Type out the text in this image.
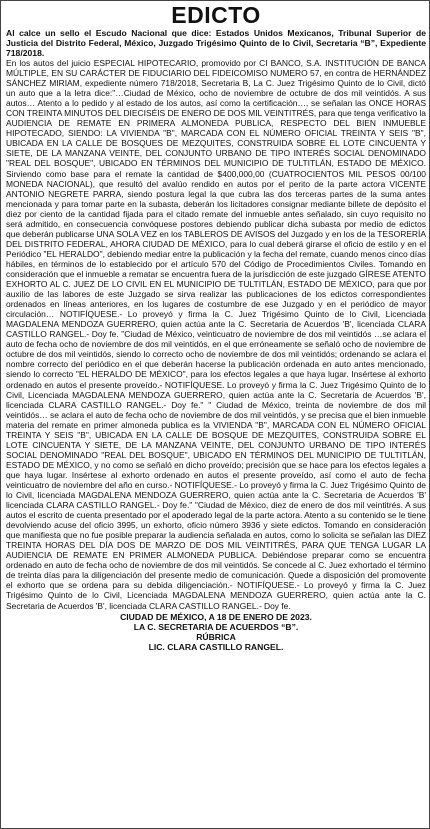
EDICTO

Al calce un sello el Escudo Nacional que dice: Estados Unidos Mexicanos, Tribunal Superior de Justicia del Distrito Federal, México, Juzgado Trigésimo Quinto de lo Civil, Secretaria “B”, Expediente 718/2018.

En los autos del juicio ESPECIAL HIPOTECARIO, promovido por CI BANCO, S.A. INSTITUCIÓN DE BANCA MÚLTIPLE, EN SU CARÁCTER DE FIDUCIARIO DEL FIDEICOMISO NUMERO 57, en contra de HERNÁNDEZ SÁNCHEZ MIRIAM, expediente número 718/2018, Secretaria B, La C. Juez Trigésimo Quinto de lo Civil, dictó un auto que a la letra dice:"…Ciudad de México, ocho de noviembre de octubre de dos mil veintidós. A sus autos… Atento a lo pedido y al estado de los autos, así como la certificación…, se señalan las ONCE HORAS CON TREINTA MINUTOS DEL DIECISÉIS DE ENERO DE DOS MIL VEINTITRÉS, para que tenga verificativo la AUDIENCIA DE REMATE EN PRIMERA ALMONEDA PUBLICA, RESPECTO DEL BIEN INMUEBLE HIPOTECADO, SIENDO: LA VIVIENDA "B", MARCADA CON EL NÚMERO OFICIAL TREINTA Y SEIS "B", UBICADA EN LA CALLE DE BOSQUES DE MEZQUITES, CONSTRUIDA SOBRE EL LOTE CINCUENTA Y SIETE, DE LA MANZANA VEINTE, DEL CONJUNTO URBANO DE TIPO INTERÉS SOCIAL DENOMINADO "REAL DEL BOSQUE", UBICADO EN TÉRMINOS DEL MUNICIPIO DE TULTITLÁN, ESTADO DE MÉXICO. Sirviendo como base para el remate la cantidad de $400,000,00 (CUATROCIENTOS MIL PESOS 00/100 MONEDA NACIONAL), que resultó del avalúo rendido en autos por el perito de la parte actora VICENTE ANTONIO NEGRETE PARRA, siendo postura legal la que cubra las dos terceras partes de la suma antes mencionada y para tomar parte en la subasta, deberán los licitadores consignar mediante billete de depósito el diez por ciento de la cantidad fijada para el citado remate del inmueble antes señalado, sin cuyo requisito no será admitido, en consecuencia convóquese postores debiendo publicar dicha subasta por medio de edictos que deberán publicarse UNA SOLA VEZ en los TABLEROS DE AVISOS del Juzgado y en los de la TESORERÍA DEL DISTRITO FEDERAL, AHORA CIUDAD DE MÉXICO, para lo cual deberá girarse el oficio de estilo y en el Periódico "EL HERALDO", debiendo mediar entre la publicación y la fecha del remate, cuando menos cinco días hábiles, en términos de lo establecido por el artículo 570 del Código de Procedimientos Civiles. Tomando en consideración que el inmueble a rematar se encuentra fuera de la jurisdicción de este juzgado GÍRESE ATENTO EXHORTO AL C. JUEZ DE LO CIVIL EN EL MUNICIPIO DE TULTITLÁN, ESTADO DE MÉXICO, para que por auxilio de las labores de este Juzgado se sirva realizar las publicaciones de los edictos correspondientes ordenados en líneas anteriores, en los lugares de costumbre de ese Juzgado y en el periódico de mayor circulación… NOTIFÍQUESE.- Lo proveyó y firma la C. Juez Trigésimo Quinto de lo Civil, Licenciada MAGDALENA MENDOZA GUERRERO, quien actúa ante la C. Secretaria de Acuerdos 'B', licenciada CLARA CASTILLO RANGEL.- Doy fe. "Ciudad de México, veinticuatro de noviembre de dos mil veintidós …se aclara el auto de fecha ocho de noviembre de dos mil veintidós, en el que erróneamente se señaló ocho de noviembre de octubre de dos mil veintidós, siendo lo correcto ocho de noviembre de dos mil veintidós; ordenando se aclara el nombre correcto del periódico en el que deberán hacerse la publicación ordenada en auto antes mencionado, siendo lo correcto "EL HERALDO DE MÉXICO", para los efectos legales a que haya lugar. Insértese al exhorto ordenado en autos el presente proveído.- NOTIFÍQUESE. Lo proveyó y firma la C. Juez Trigésimo Quinto de lo Civil, Licenciada MAGDALENA MENDOZA GUERRERO, quien actúa ante la C. Secretaria de Acuerdos 'B', licenciada CLARA CASTILLO RANGEL.- Doy fe." " Ciudad de México, treinta de noviembre de dos mil veintidós… se aclara el auto de fecha ocho de noviembre de dos mil veintidós, y se precisa que el bien inmueble materia del remate en primer almoneda publica es la VIVIENDA "B", MARCADA CON EL NÚMERO OFICIAL TREINTA Y SEIS "B", UBICADA EN LA CALLE DE BOSQUE DE MEZQUITES, CONSTRUIDA SOBRE EL LOTE CINCUENTA Y SIETE, DE LA MANZANA VEINTE, DEL CONJUNTO URBANO DE TIPO INTERÉS SOCIAL DENOMINADO "REAL DEL BOSQUE", UBICADO EN TÉRMINOS DEL MUNICIPIO DE TULTITLÁN, ESTADO DE MÉXICO, y no como se señaló en dicho proveído; precisión que se hace para los efectos legales a que haya lugar. Insértese al exhorto ordenado en autos el presente proveído, así como el auto de fecha veinticuatro de noviembre del año en curso.- NOTIFÍQUESE.- Lo proveyó y firma la C. Juez Trigésimo Quinto de lo Civil, licenciada MAGDALENA MENDOZA GUERRERO, quien actúa ante la C. Secretaria de Acuerdos 'B' licenciada CLARA CASTILLO RANGEL.- Doy fe." "Ciudad de México, diez de enero de dos mil veintitrés. A sus autos el escrito de cuenta presentado por el apoderado legal de la parte actora. Atento a su contenido se le tiene devolviendo acuse del oficio 3995, un exhorto, oficio número 3936 y siete edictos. Tomando en consideración que manifiesta que no fue posible preparar la audiencia señalada en autos, como lo solicita se señalan las DIEZ TREINTA HORAS DEL DÍA DOS DE MARZO DE DOS MIL VEINTITRÉS, PARA QUE TENGA LUGAR LA AUDIENCIA DE REMATE EN PRIMER ALMONEDA PUBLICA. Debiéndose preparar como se encuentra ordenado en auto de fecha ocho de noviembre de dos mil veintidós. Se concede al C. Juez exhortado el término de treinta días para la diligenciación del presente medio de comunicación. Quede a disposición del promovente el exhorto que se ordena para su debida diligenciación.- NOTIFÍQUESE.- Lo proveyó y firma la C. Juez Trigésimo Quinto de lo Civil, Licenciada MAGDALENA MENDOZA GUERRERO, quien actúa ante la C. Secretaria de Acuerdos 'B', licenciada CLARA CASTILLO RANGEL.- Doy fe.

CIUDAD DE MÉXICO, A 18 DE ENERO DE 2023.
LA C. SECRETARIA DE ACUERDOS “B”.
RÚBRICA
LIC. CLARA CASTILLO RANGEL.
